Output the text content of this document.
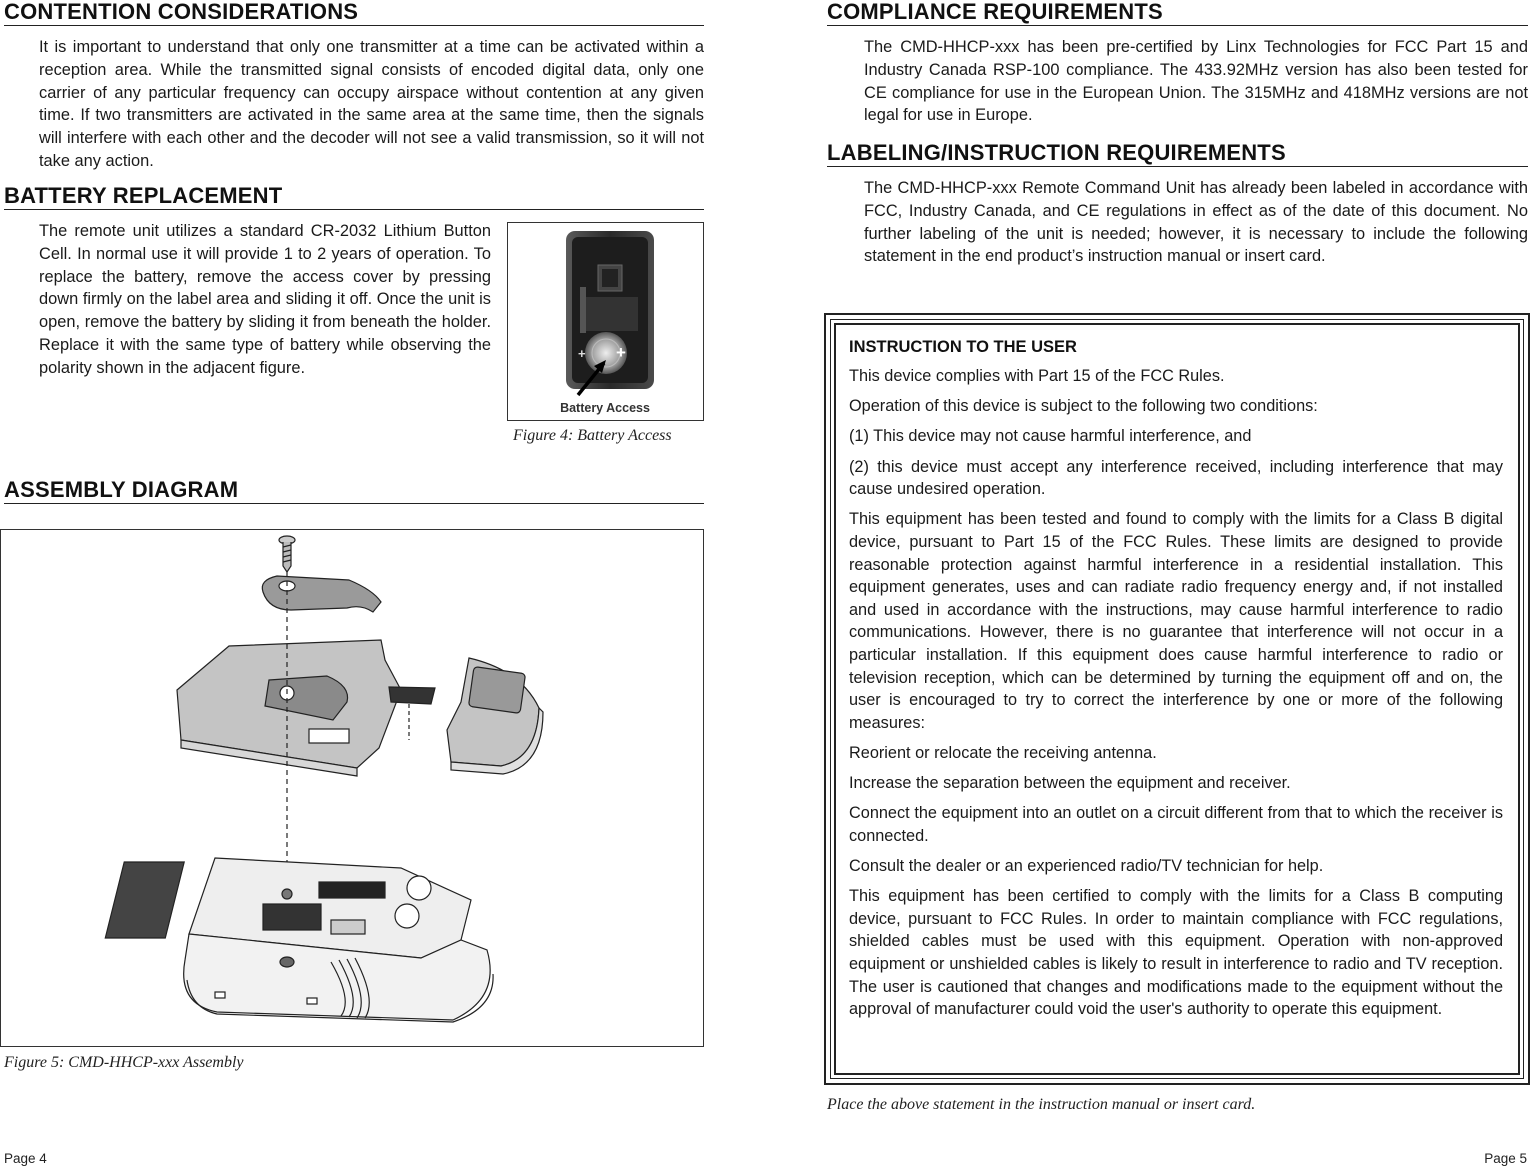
CONTENTION CONSIDERATIONS

It is important to understand that only one transmitter at a time can be activated within a reception area. While the transmitted signal consists of encoded digital data, only one carrier of any particular frequency can occupy airspace without contention at any given time. If two transmitters are activated in the same area at the same time, then the signals will interfere with each other and the decoder will not see a valid transmission, so it will not take any action.

BATTERY REPLACEMENT

The remote unit utilizes a standard CR-2032 Lithium Button Cell. In normal use it will provide 1 to 2 years of operation. To replace the battery, remove the access cover by pressing down firmly on the label area and sliding it off. Once the unit is open, remove the battery by sliding it from beneath the holder. Replace it with the same type of battery while observing the polarity shown in the adjacent figure.

ASSEMBLY DIAGRAM
+
+
Battery Access
Figure 4: Battery Access
Figure 5: CMD-HHCP-xxx Assembly
Page 4
COMPLIANCE REQUIREMENTS

The CMD-HHCP-xxx has been pre-certified by Linx Technologies for FCC Part 15 and Industry Canada RSP-100 compliance. The 433.92MHz version has also been tested for CE compliance for use in the European Union. The 315MHz and 418MHz versions are not legal for use in Europe.

LABELING/INSTRUCTION REQUIREMENTS

The CMD-HHCP-xxx Remote Command Unit has already been labeled in accordance with FCC, Industry Canada, and CE regulations in effect as of the date of this document. No further labeling of the unit is needed; however, it is necessary to include the following statement in the end product’s instruction manual or insert card.

INSTRUCTION TO THE USER

This device complies with Part 15 of the FCC Rules.

Operation of this device is subject to the following two conditions:

(1) This device may not cause harmful interference, and

(2) this device must accept any interference received, including interference that may cause undesired operation.

This equipment has been tested and found to comply with the limits for a Class B digital device, pursuant to Part 15 of the FCC Rules. These limits are designed to provide reasonable protection against harmful interference in a residential installation. This equipment generates, uses and can radiate radio frequency energy and, if not installed and used in accordance with the instructions, may cause harmful interference to radio communications. However, there is no guarantee that interference will not occur in a particular installation. If this equipment does cause harmful interference to radio or television reception, which can be determined by turning the equipment off and on, the user is encouraged to try to correct the interference by one or more of the following measures:

Reorient or relocate the receiving antenna.

Increase the separation between the equipment and receiver.

Connect the equipment into an outlet on a circuit different from that to which the receiver is connected.

Consult the dealer or an experienced radio/TV technician for help.

This equipment has been certified to comply with the limits for a Class B computing device, pursuant to FCC Rules. In order to maintain compliance with FCC regulations, shielded cables must be used with this equipment. Operation with non-approved equipment or unshielded cables is likely to result in interference to radio and TV reception. The user is cautioned that changes and modifications made to the equipment without the approval of manufacturer could void the user's authority to operate this equipment.

Place the above statement in the instruction manual or insert card.
Page 5
